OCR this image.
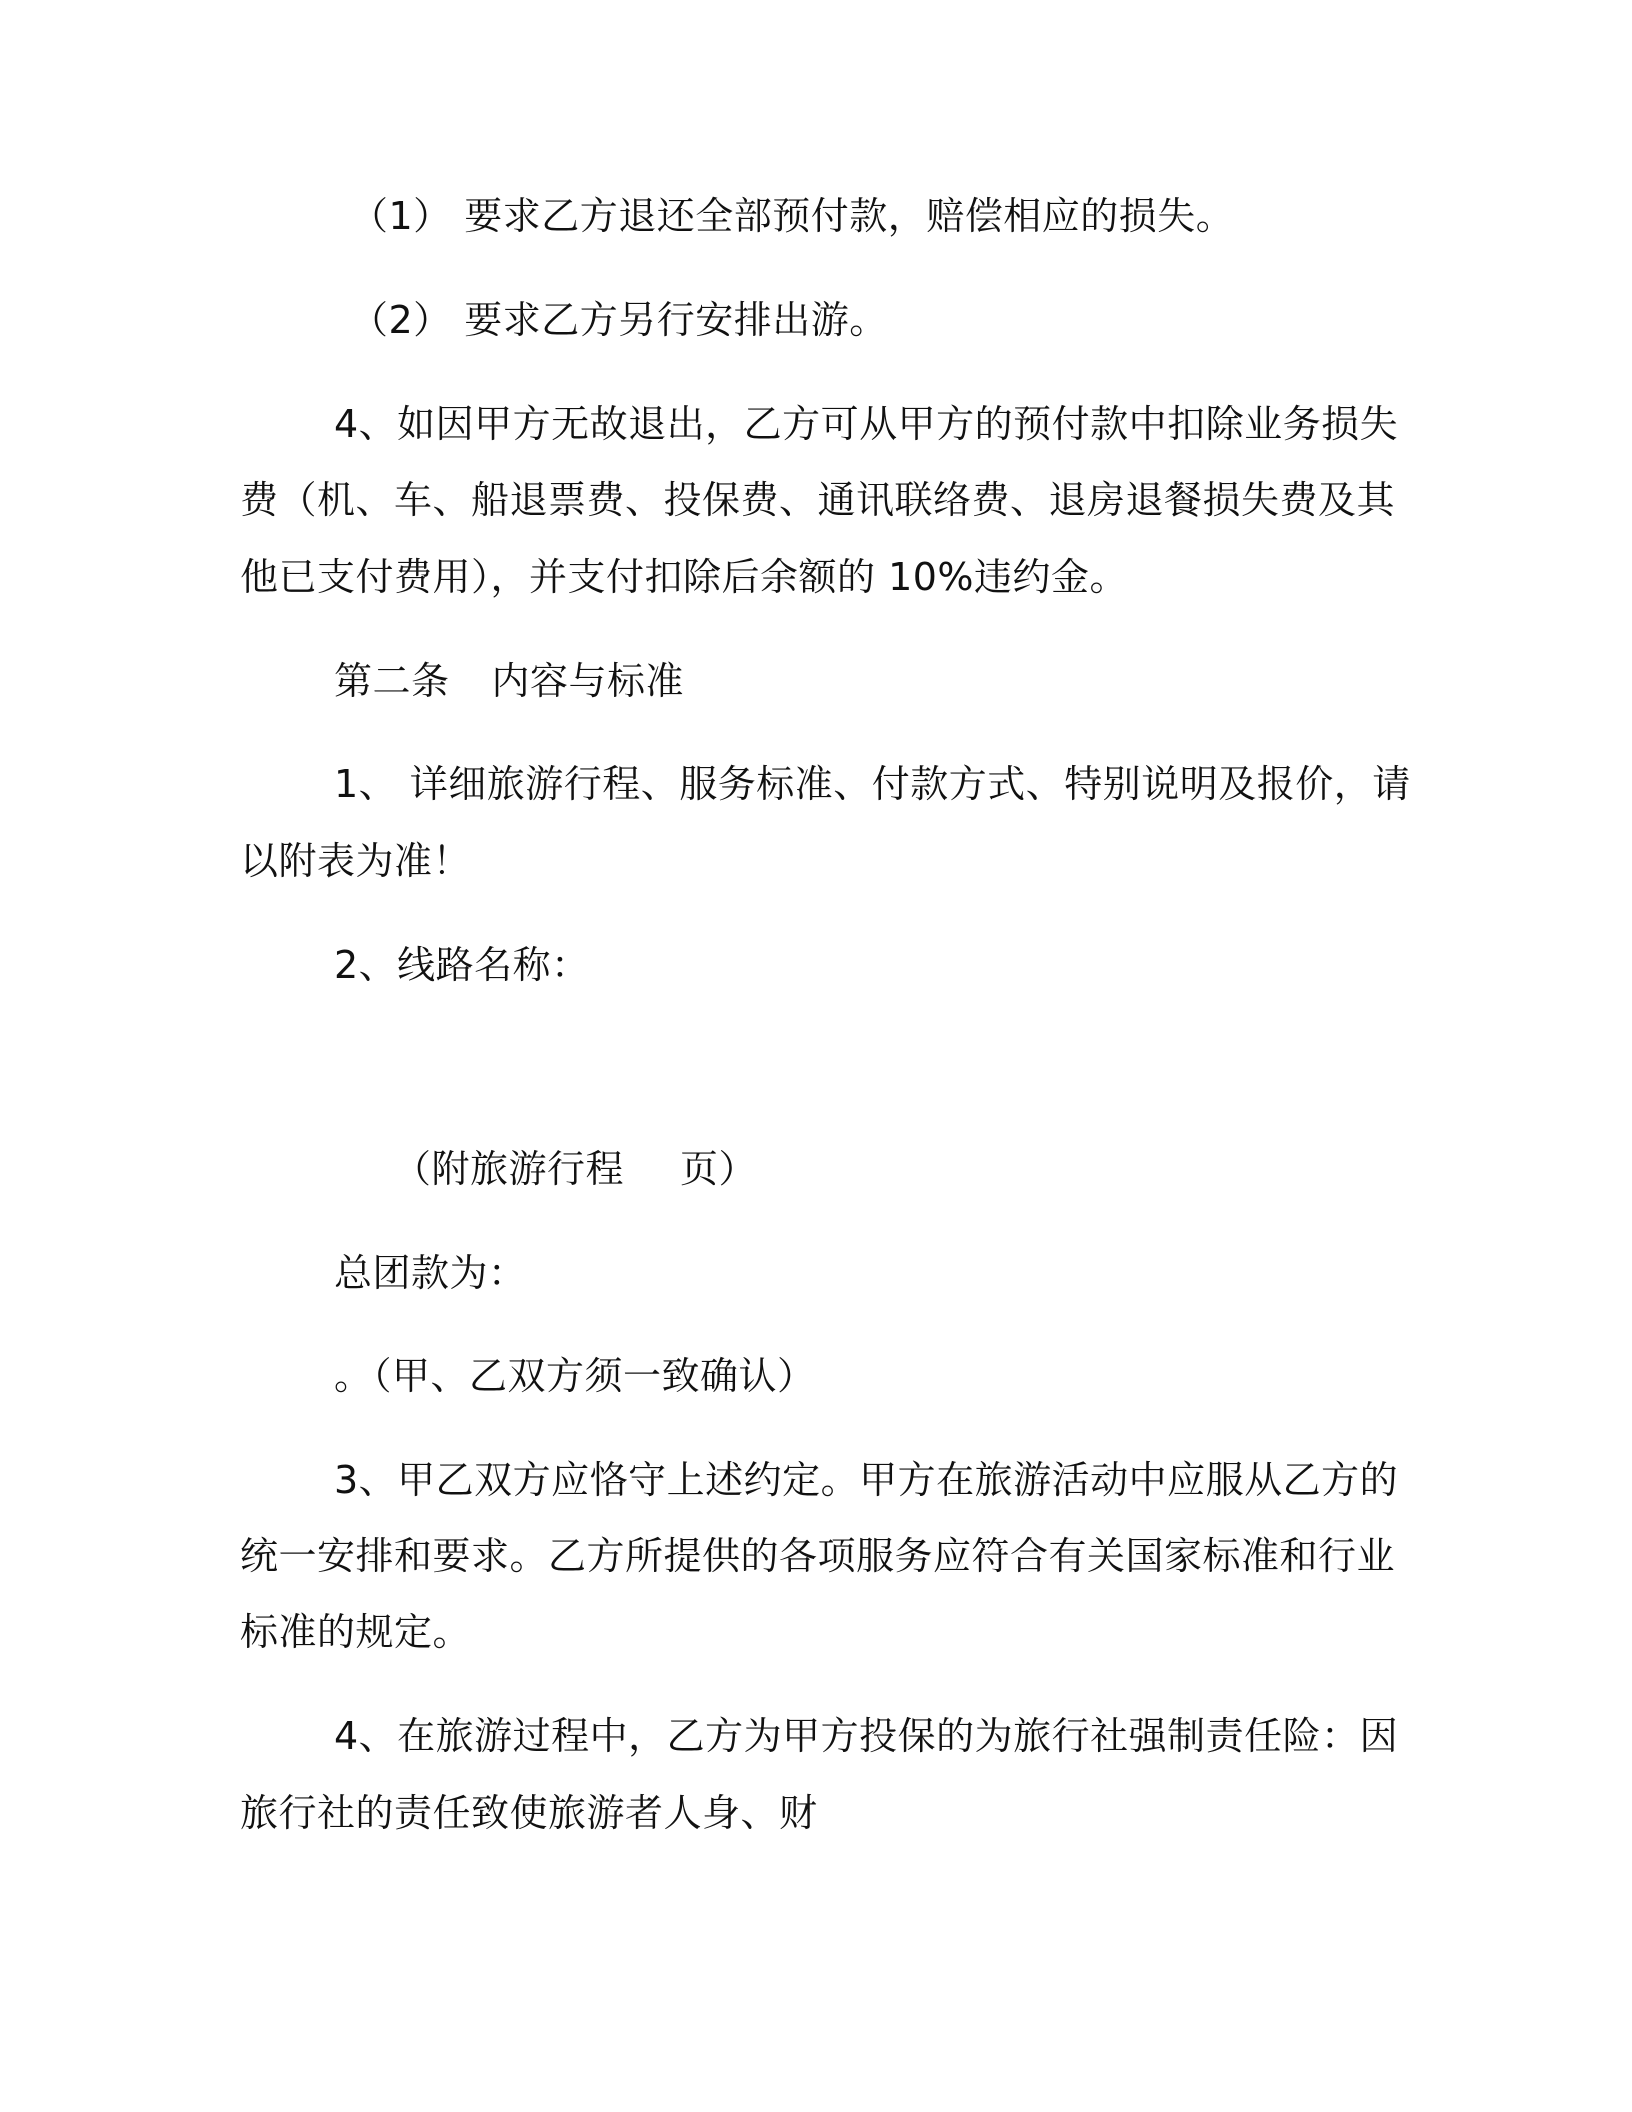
（1） 要求乙方退还全部预付款，赔偿相应的损失。
（2） 要求乙方另行安排出游。
4、如因甲方无故退出，乙方可从甲方的预付款中扣除业务损失
费（机、车、船退票费、投保费、通讯联络费、退房退餐损失费及其
他已支付费用），并支付扣除后余额的 10%违约金。
第二条 内容与标准
1、 详细旅游行程、服务标准、付款方式、特别说明及报价，请
以附表为准！
2、线路名称：
（附旅游行程 页）
总团款为：
。（甲、乙双方须一致确认）
3、甲乙双方应恪守上述约定。甲方在旅游活动中应服从乙方的
统一安排和要求。乙方所提供的各项服务应符合有关国家标准和行业
标准的规定。
4、在旅游过程中，乙方为甲方投保的为旅行社强制责任险：因
旅行社的责任致使旅游者人身、财
